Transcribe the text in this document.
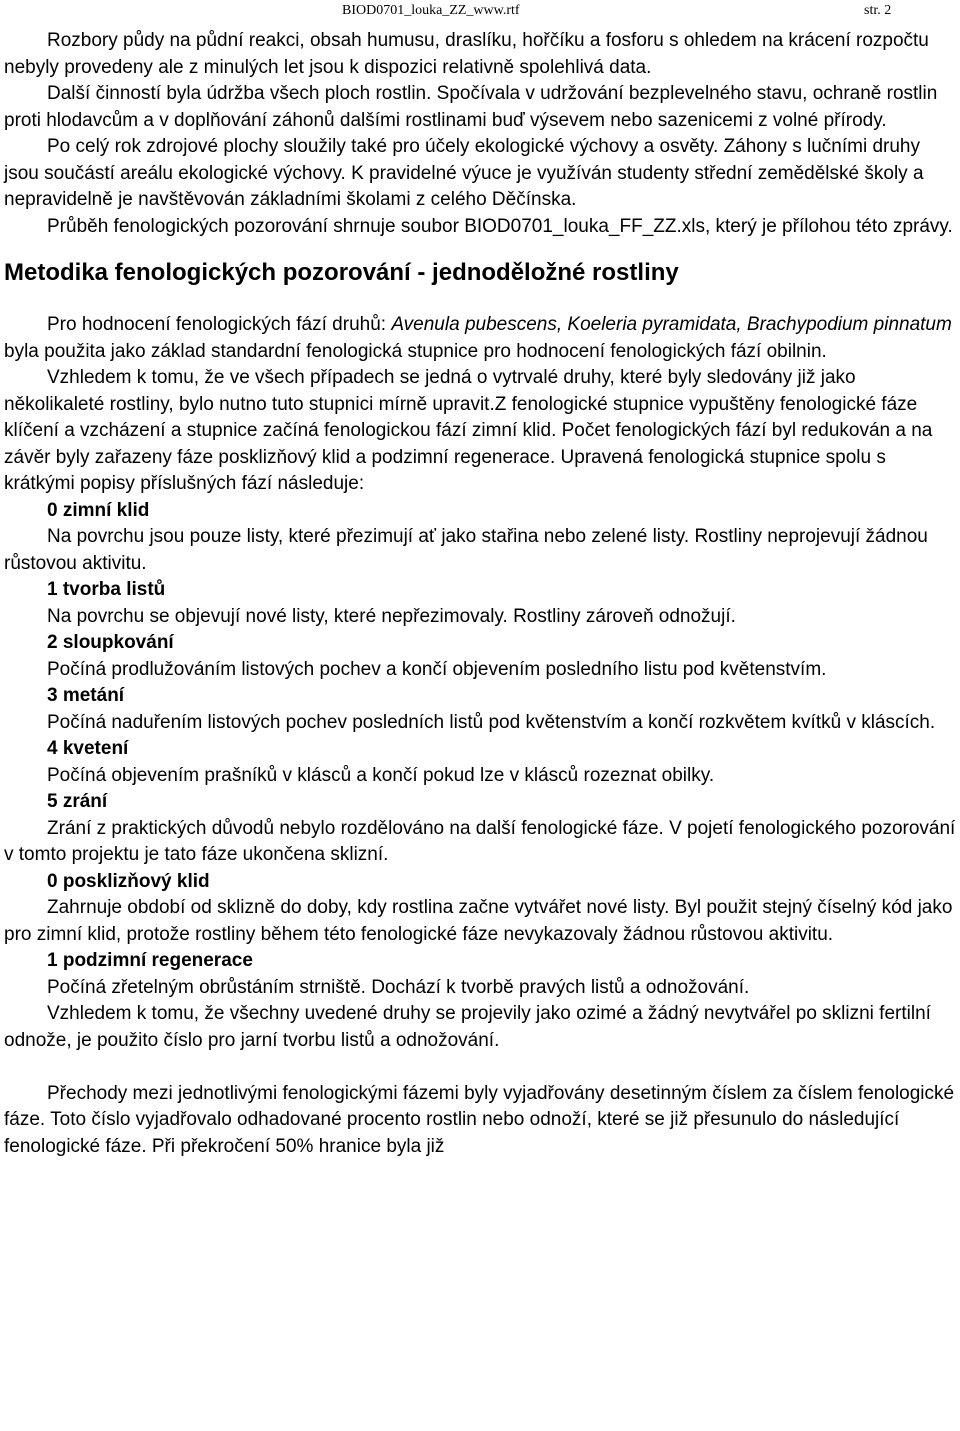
BIOD0701_louka_ZZ_www.rtf	str. 2

Rozbory půdy na půdní reakci, obsah humusu, draslíku, hořčíku a fosforu s ohledem na krácení rozpočtu nebyly provedeny ale z minulých let jsou k dispozici relativně spolehlivá data.

Další činností byla údržba všech ploch rostlin. Spočívala v udržování bezplevelného stavu, ochraně rostlin proti hlodavcům a v doplňování záhonů dalšími rostlinami buď výsevem nebo sazenicemi z volné přírody.

Po celý rok zdrojové plochy sloužily také pro účely ekologické výchovy a osvěty. Záhony s lučními druhy jsou součástí areálu ekologické výchovy. K pravidelné výuce je využíván studenty střední zemědělské školy a nepravidelně je navštěvován základními školami z celého Děčínska.

Průběh fenologických pozorování shrnuje soubor BIOD0701_louka_FF_ZZ.xls, který je přílohou této zprávy.

Metodika fenologických pozorování - jednoděložné rostliny

Pro hodnocení fenologických fází druhů: Avenula pubescens, Koeleria pyramidata, Brachypodium pinnatum byla použita jako základ standardní fenologická stupnice pro hodnocení fenologických fází obilnin.

Vzhledem k tomu, že ve všech případech se jedná o vytrvalé druhy, které byly sledovány již jako několikaleté rostliny, bylo nutno tuto stupnici mírně upravit.Z fenologické stupnice vypuštěny fenologické fáze klíčení a vzcházení a stupnice začíná fenologickou fází zimní klid. Počet fenologických fází byl redukován a na závěr byly zařazeny fáze posklizňový klid a podzimní regenerace. Upravená fenologická stupnice spolu s krátkými popisy příslušných fází následuje:

0 zimní klid

Na povrchu jsou pouze listy, které přezimují ať jako stařina nebo zelené listy. Rostliny neprojevují žádnou růstovou aktivitu.

1 tvorba listů

Na povrchu se objevují nové listy, které nepřezimovaly. Rostliny zároveň odnožují.

2 sloupkování

Počíná prodlužováním listových pochev a končí objevením posledního listu pod květenstvím.

3 metání

Počíná naduřením listových pochev posledních listů pod květenstvím a končí rozkvětem kvítků v kláscích.

4 kvetení

Počíná objevením prašníků v klásců a končí pokud lze v klásců rozeznat obilky.

5 zrání

Zrání z praktických důvodů nebylo rozdělováno na další fenologické fáze. V pojetí fenologického pozorování v tomto projektu je tato fáze ukončena sklizní.

0 posklizňový klid

Zahrnuje období od sklizně do doby, kdy rostlina začne vytvářet nové listy. Byl použit stejný číselný kód jako pro zimní klid, protože rostliny během této fenologické fáze nevykazovaly žádnou růstovou aktivitu.

1 podzimní regenerace

Počíná zřetelným obrůstáním strniště. Dochází k tvorbě pravých listů a odnožování.

Vzhledem k tomu, že všechny uvedené druhy se projevily jako ozimé a žádný nevytvářel po sklizni fertilní odnože, je použito číslo pro jarní tvorbu listů a odnožování.

Přechody mezi jednotlivými fenologickými fázemi byly vyjadřovány desetinným číslem za číslem fenologické fáze. Toto číslo vyjadřovalo odhadované procento rostlin nebo odnoží, které se již přesunulo do následující fenologické fáze. Při překročení 50% hranice byla již
